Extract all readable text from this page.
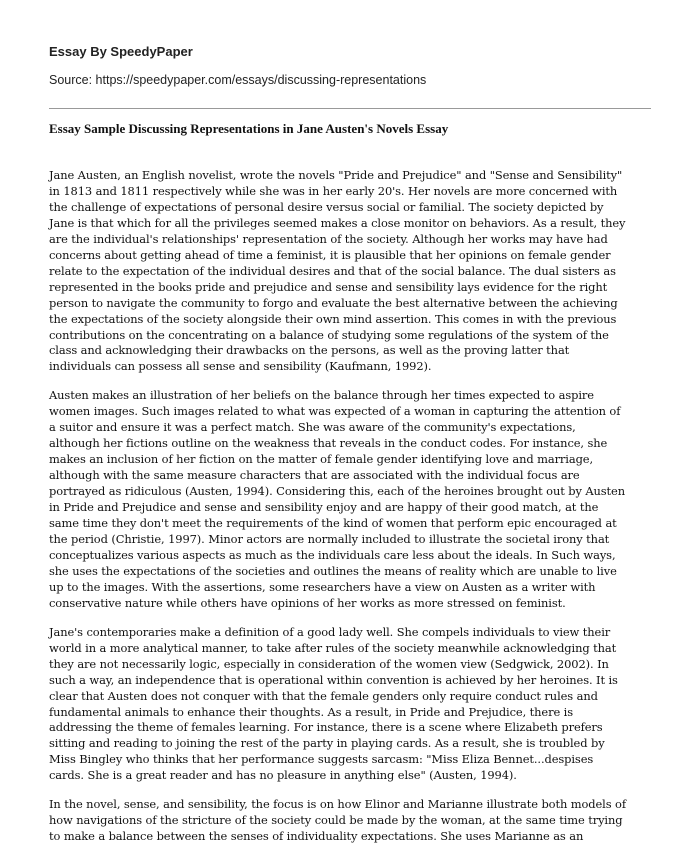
Essay By SpeedyPaper
Source: https://speedypaper.com/essays/discussing-representations
Essay Sample Discussing Representations in Jane Austen's Novels Essay

Jane Austen, an English novelist, wrote the novels "Pride and Prejudice" and "Sense and Sensibility"
in 1813 and 1811 respectively while she was in her early 20's. Her novels are more concerned with
the challenge of expectations of personal desire versus social or familial. The society depicted by
Jane is that which for all the privileges seemed makes a close monitor on behaviors. As a result, they
are the individual's relationships' representation of the society. Although her works may have had
concerns about getting ahead of time a feminist, it is plausible that her opinions on female gender
relate to the expectation of the individual desires and that of the social balance. The dual sisters as
represented in the books pride and prejudice and sense and sensibility lays evidence for the right
person to navigate the community to forgo and evaluate the best alternative between the achieving
the expectations of the society alongside their own mind assertion. This comes in with the previous
contributions on the concentrating on a balance of studying some regulations of the system of the
class and acknowledging their drawbacks on the persons, as well as the proving latter that
individuals can possess all sense and sensibility (Kaufmann, 1992).

Austen makes an illustration of her beliefs on the balance through her times expected to aspire
women images. Such images related to what was expected of a woman in capturing the attention of
a suitor and ensure it was a perfect match. She was aware of the community's expectations,
although her fictions outline on the weakness that reveals in the conduct codes. For instance, she
makes an inclusion of her fiction on the matter of female gender identifying love and marriage,
although with the same measure characters that are associated with the individual focus are
portrayed as ridiculous (Austen, 1994). Considering this, each of the heroines brought out by Austen
in Pride and Prejudice and sense and sensibility enjoy and are happy of their good match, at the
same time they don't meet the requirements of the kind of women that perform epic encouraged at
the period (Christie, 1997). Minor actors are normally included to illustrate the societal irony that
conceptualizes various aspects as much as the individuals care less about the ideals. In Such ways,
she uses the expectations of the societies and outlines the means of reality which are unable to live
up to the images. With the assertions, some researchers have a view on Austen as a writer with
conservative nature while others have opinions of her works as more stressed on feminist.

Jane's contemporaries make a definition of a good lady well. She compels individuals to view their
world in a more analytical manner, to take after rules of the society meanwhile acknowledging that
they are not necessarily logic, especially in consideration of the women view (Sedgwick, 2002). In
such a way, an independence that is operational within convention is achieved by her heroines. It is
clear that Austen does not conquer with that the female genders only require conduct rules and
fundamental animals to enhance their thoughts. As a result, in Pride and Prejudice, there is
addressing the theme of females learning. For instance, there is a scene where Elizabeth prefers
sitting and reading to joining the rest of the party in playing cards. As a result, she is troubled by
Miss Bingley who thinks that her performance suggests sarcasm: "Miss Eliza Bennet...despises
cards. She is a great reader and has no pleasure in anything else" (Austen, 1994).

In the novel, sense, and sensibility, the focus is on how Elinor and Marianne illustrate both models of
how navigations of the stricture of the society could be made by the woman, at the same time trying
to make a balance between the senses of individuality expectations. She uses Marianne as an
